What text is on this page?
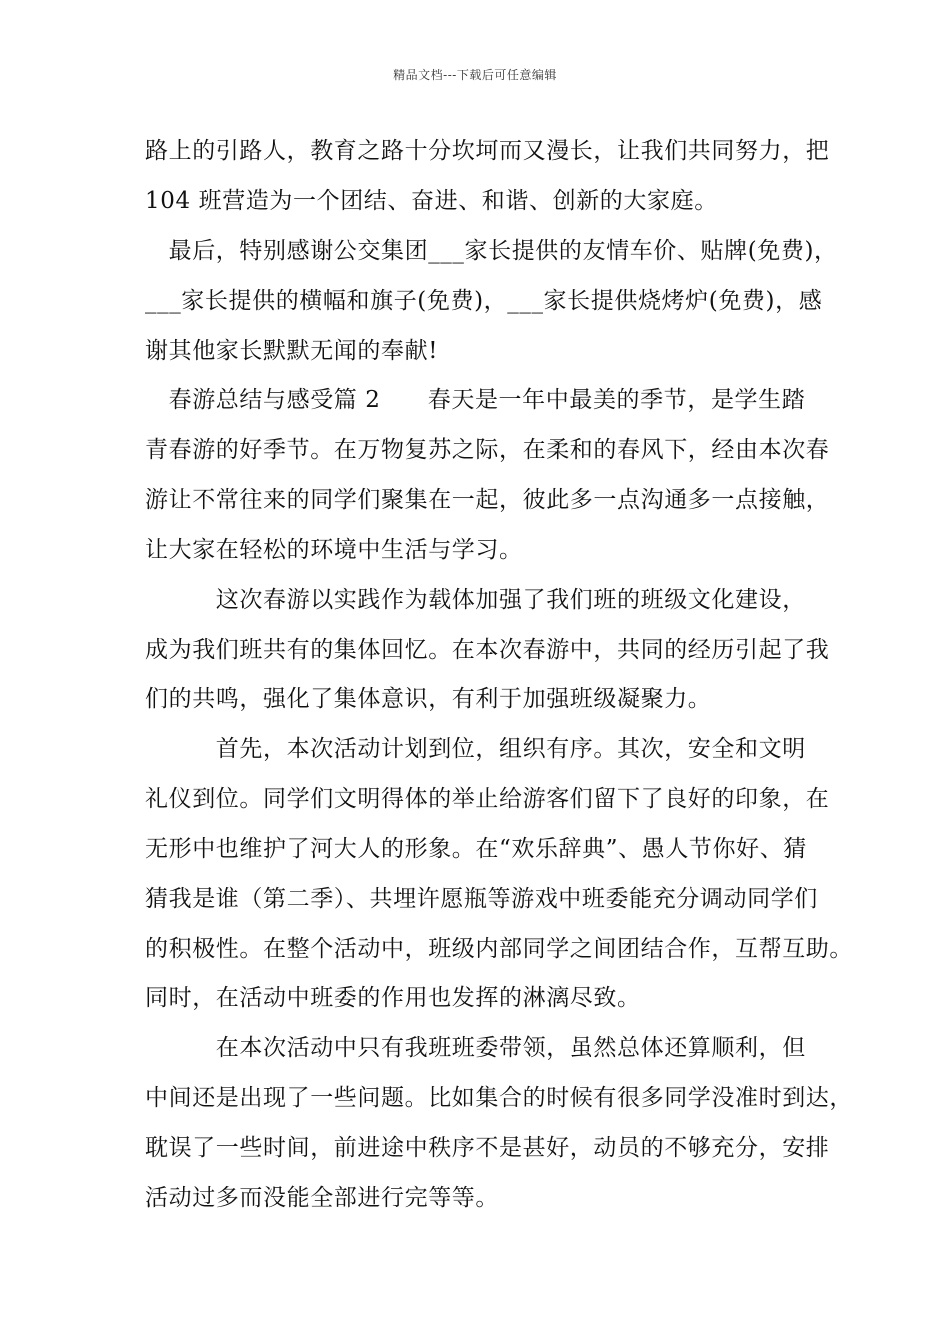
精品文档---下载后可任意编辑
路上的引路人，教育之路十分坎坷而又漫长，让我们共同努力，把
104 班营造为一个团结、奋进、和谐、创新的大家庭。
　最后，特别感谢公交集团___家长提供的友情车价、贴牌(免费)，
___家长提供的横幅和旗子(免费)，___家长提供烧烤炉(免费)，感
谢其他家长默默无闻的奉献!
　春游总结与感受篇 2　　春天是一年中最美的季节，是学生踏
青春游的好季节。在万物复苏之际，在柔和的春风下，经由本次春
游让不常往来的同学们聚集在一起，彼此多一点沟通多一点接触，
让大家在轻松的环境中生活与学习。
　　　这次春游以实践作为载体加强了我们班的班级文化建设，
成为我们班共有的集体回忆。在本次春游中，共同的经历引起了我
们的共鸣，强化了集体意识，有利于加强班级凝聚力。
　　　首先，本次活动计划到位，组织有序。其次，安全和文明
礼仪到位。同学们文明得体的举止给游客们留下了良好的印象，在
无形中也维护了河大人的形象。在“欢乐辞典”、愚人节你好、猜
猜我是谁（第二季）、共埋许愿瓶等游戏中班委能充分调动同学们
的积极性。在整个活动中，班级内部同学之间团结合作，互帮互助。
同时，在活动中班委的作用也发挥的淋漓尽致。
　　　在本次活动中只有我班班委带领，虽然总体还算顺利，但
中间还是出现了一些问题。比如集合的时候有很多同学没准时到达，
耽误了一些时间，前进途中秩序不是甚好，动员的不够充分，安排
活动过多而没能全部进行完等等。
